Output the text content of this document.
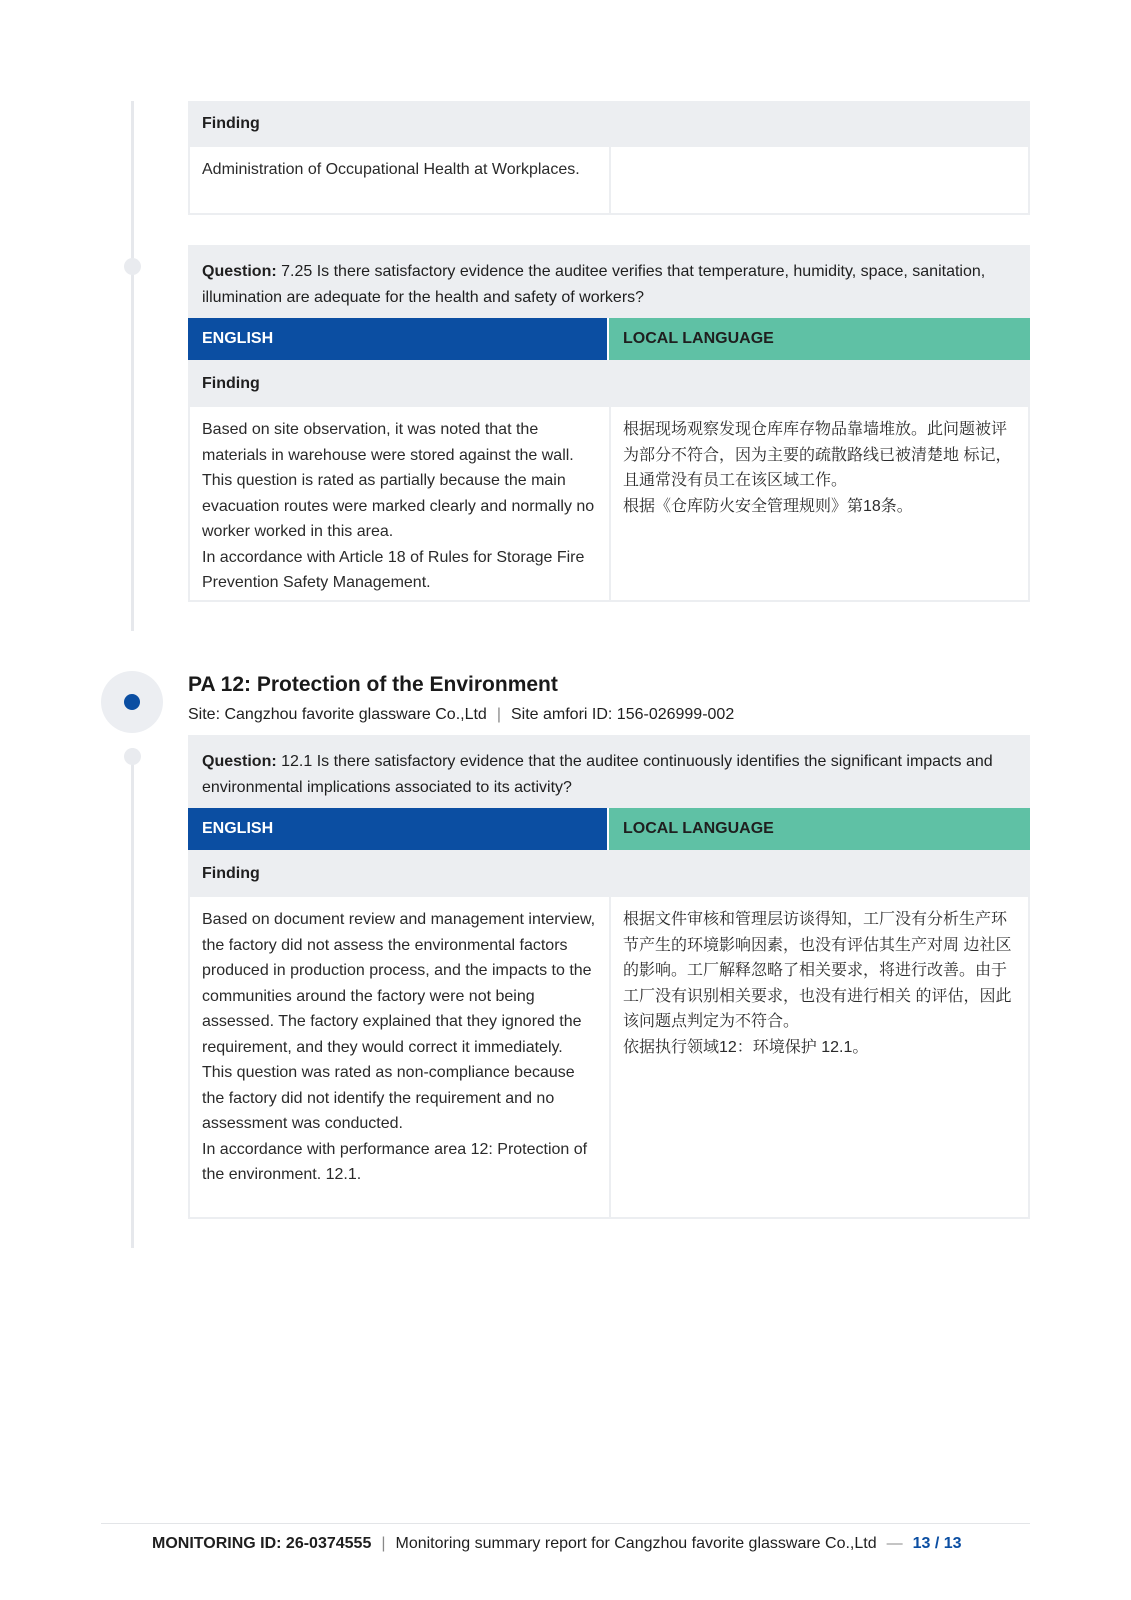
Finding
Administration of Occupational Health at Workplaces.
Question: 7.25 Is there satisfactory evidence the auditee verifies that temperature, humidity, space, sanitation, illumination are adequate for the health and safety of workers?
ENGLISH	LOCAL LANGUAGE
Finding
Based on site observation, it was noted that the materials in warehouse were stored against the wall. This question is rated as partially because the main evacuation routes were marked clearly and normally no worker worked in this area.
In accordance with Article 18 of Rules for Storage Fire Prevention Safety Management.
根据现场观察发现仓库库存物品靠墙堆放。此问题被评为部分不符合，因为主要的疏散路线已被清楚地 标记，且通常没有员工在该区域工作。
根据《仓库防火安全管理规则》第18条。
PA 12: Protection of the Environment
Site: Cangzhou favorite glassware Co.,Ltd | Site amfori ID: 156-026999-002
Question: 12.1 Is there satisfactory evidence that the auditee continuously identifies the significant impacts and environmental implications associated to its activity?
ENGLISH	LOCAL LANGUAGE
Finding
Based on document review and management interview, the factory did not assess the environmental factors produced in production process, and the impacts to the communities around the factory were not being assessed. The factory explained that they ignored the requirement, and they would correct it immediately. This question was rated as non-compliance because the factory did not identify the requirement and no assessment was conducted.
In accordance with performance area 12: Protection of the environment. 12.1.
根据文件审核和管理层访谈得知，工厂没有分析生产环节产生的环境影响因素，也没有评估其生产对周 边社区的影响。工厂解释忽略了相关要求，将进行改善。由于工厂没有识别相关要求，也没有进行相关 的评估，因此该问题点判定为不符合。
依据执行领域12：环境保护 12.1。
MONITORING ID: 26-0374555 | Monitoring summary report for Cangzhou favorite glassware Co.,Ltd — 13 / 13
